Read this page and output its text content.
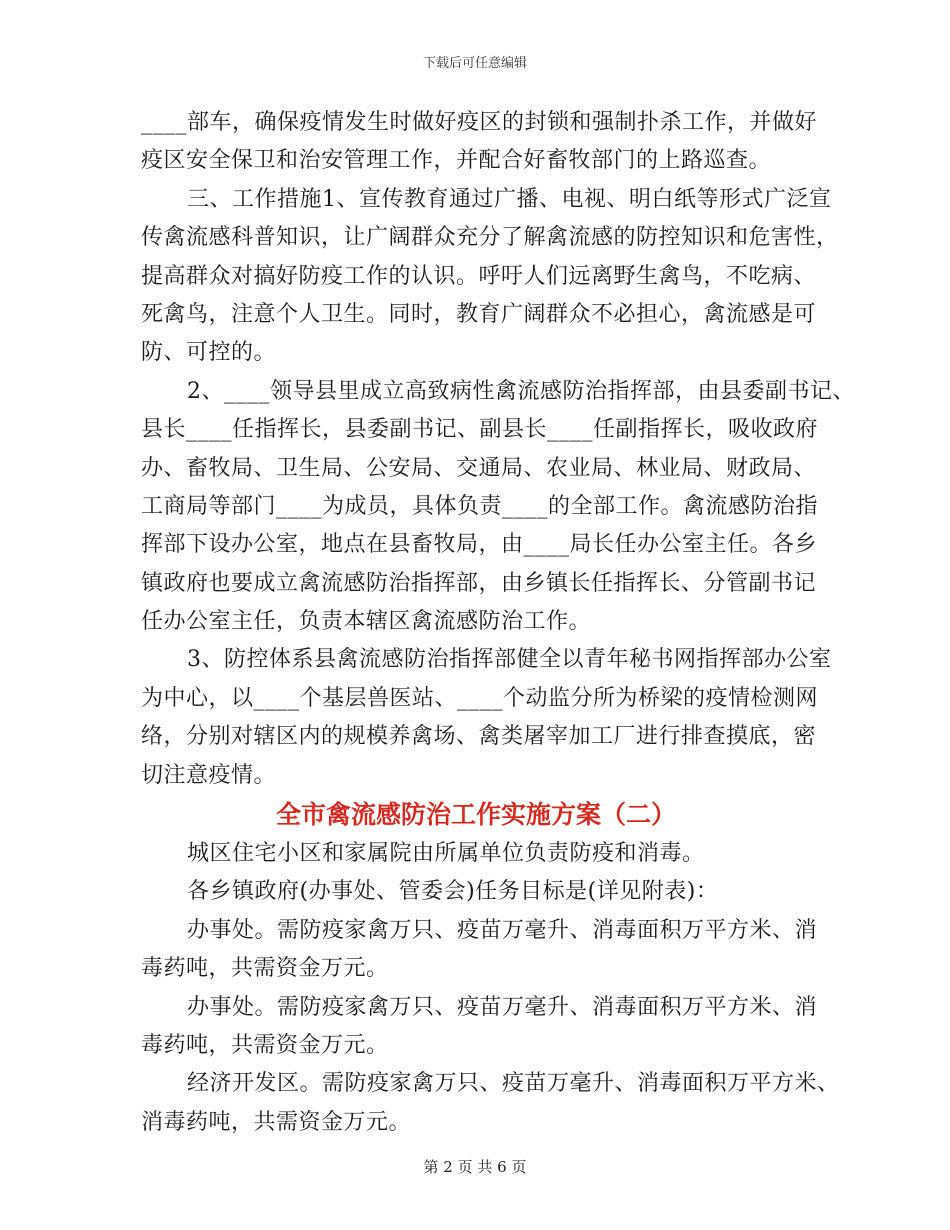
下载后可任意编辑
____部车，确保疫情发生时做好疫区的封锁和强制扑杀工作，并做好
疫区安全保卫和治安管理工作，并配合好畜牧部门的上路巡查。
三、工作措施1、宣传教育通过广播、电视、明白纸等形式广泛宣
传禽流感科普知识，让广阔群众充分了解禽流感的防控知识和危害性，
提高群众对搞好防疫工作的认识。呼吁人们远离野生禽鸟，不吃病、
死禽鸟，注意个人卫生。同时，教育广阔群众不必担心，禽流感是可
防、可控的。
2、____领导县里成立高致病性禽流感防治指挥部，由县委副书记、
县长____任指挥长，县委副书记、副县长____任副指挥长，吸收政府
办、畜牧局、卫生局、公安局、交通局、农业局、林业局、财政局、
工商局等部门____为成员，具体负责____的全部工作。禽流感防治指
挥部下设办公室，地点在县畜牧局，由____局长任办公室主任。各乡
镇政府也要成立禽流感防治指挥部，由乡镇长任指挥长、分管副书记
任办公室主任，负责本辖区禽流感防治工作。
3、防控体系县禽流感防治指挥部健全以青年秘书网指挥部办公室
为中心，以____个基层兽医站、____个动监分所为桥梁的疫情检测网
络，分别对辖区内的规模养禽场、禽类屠宰加工厂进行排查摸底，密
切注意疫情。
全市禽流感防治工作实施方案（二）
城区住宅小区和家属院由所属单位负责防疫和消毒。
各乡镇政府(办事处、管委会)任务目标是(详见附表)：
办事处。需防疫家禽万只、疫苗万毫升、消毒面积万平方米、消
毒药吨，共需资金万元。
办事处。需防疫家禽万只、疫苗万毫升、消毒面积万平方米、消
毒药吨，共需资金万元。
经济开发区。需防疫家禽万只、疫苗万毫升、消毒面积万平方米、
消毒药吨，共需资金万元。
第 2 页 共 6 页
